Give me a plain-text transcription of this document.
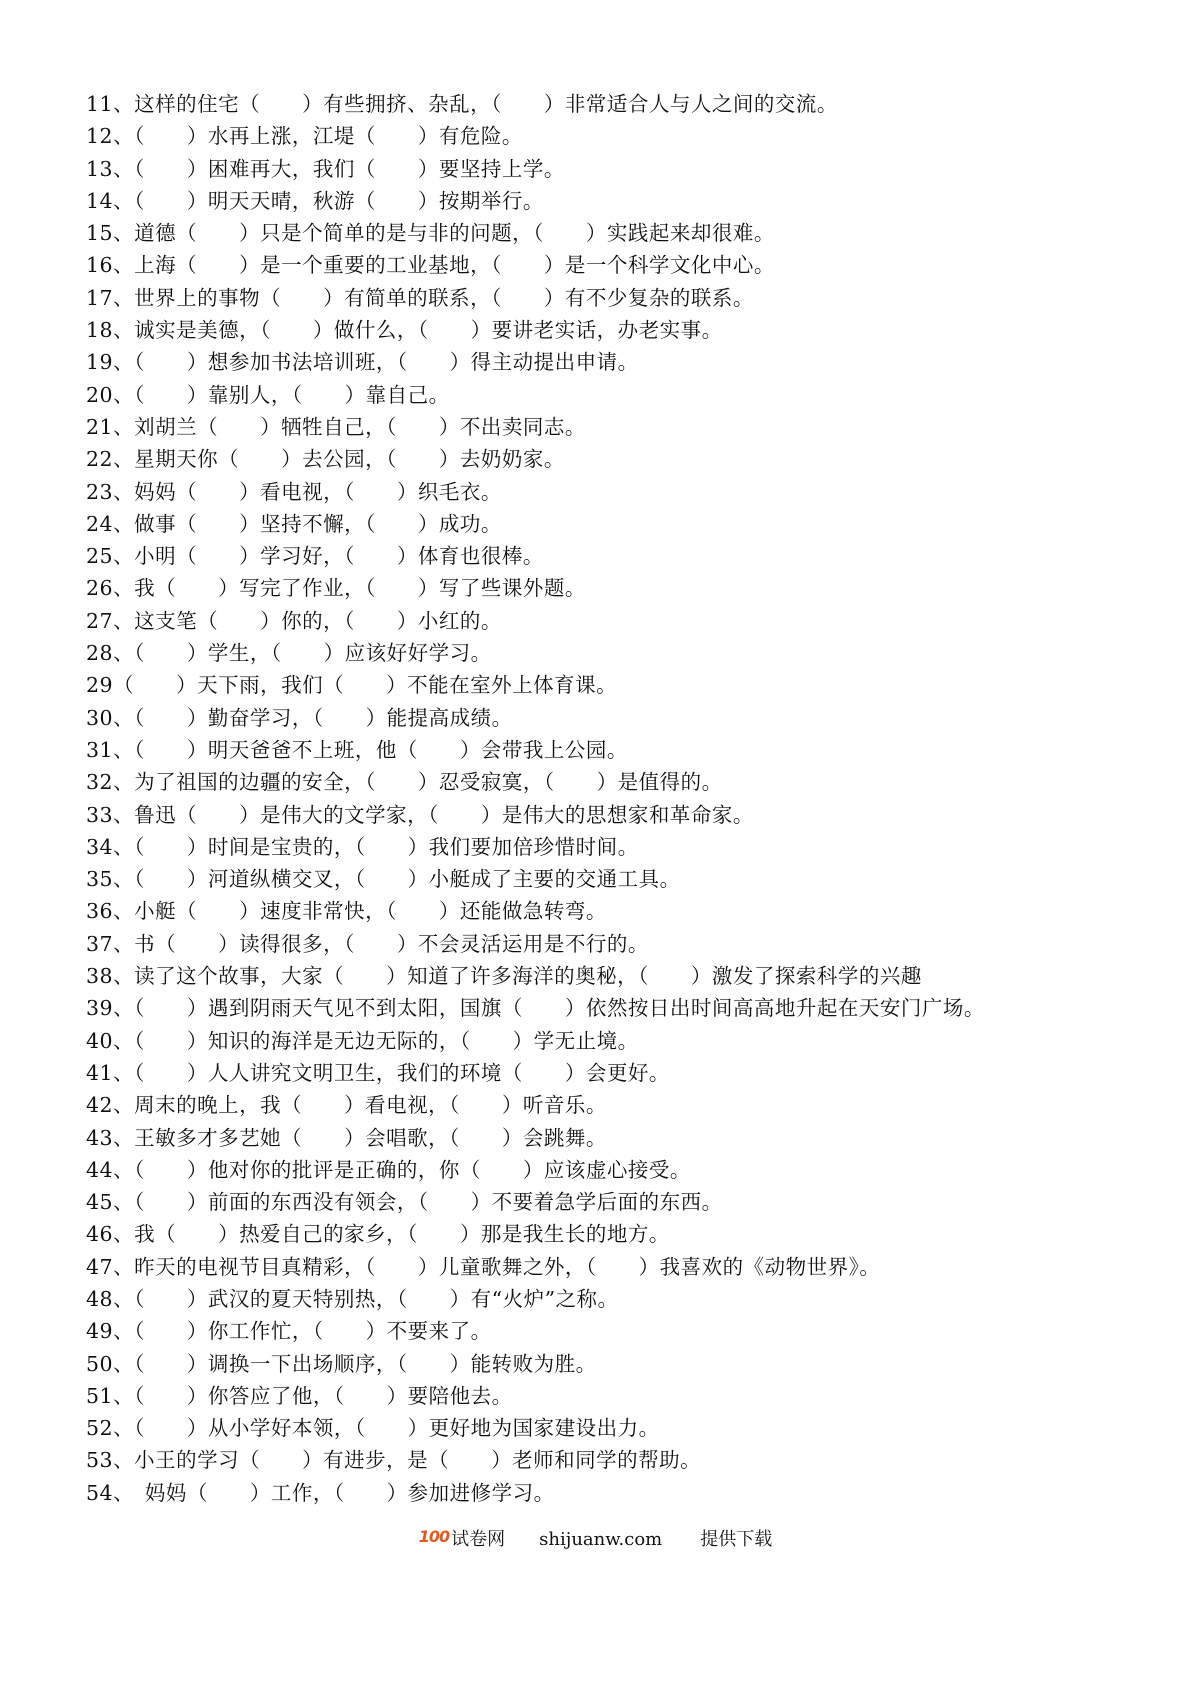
11、这样的住宅（　　）有些拥挤、杂乱，（　　）非常适合人与人之间的交流。
12、（　　）水再上涨，江堤（　　）有危险。
13、（　　）困难再大，我们（　　）要坚持上学。
14、（　　）明天天晴，秋游（　　）按期举行。
15、道德（　　）只是个简单的是与非的问题，（　　）实践起来却很难。
16、上海（　　）是一个重要的工业基地，（　　）是一个科学文化中心。
17、世界上的事物（　　）有简单的联系，（　　）有不少复杂的联系。
18、诚实是美德，（　　）做什么，（　　）要讲老实话，办老实事。
19、（　　）想参加书法培训班，（　　）得主动提出申请。
20、（　　）靠别人，（　　）靠自己。
21、刘胡兰（　　）牺牲自己，（　　）不出卖同志。
22、星期天你（　　）去公园，（　　）去奶奶家。
23、妈妈（　　）看电视，（　　）织毛衣。
24、做事（　　）坚持不懈，（　　）成功。
25、小明（　　）学习好，（　　）体育也很棒。
26、我（　　）写完了作业，（　　）写了些课外题。
27、这支笔（　　）你的，（　　）小红的。
28、（　　）学生，（　　）应该好好学习。
29（　　）天下雨，我们（　　）不能在室外上体育课。
30、（　　）勤奋学习，（　　）能提高成绩。
31、（　　）明天爸爸不上班，他（　　）会带我上公园。
32、为了祖国的边疆的安全，（　　）忍受寂寞，（　　）是值得的。
33、鲁迅（　　）是伟大的文学家，（　　）是伟大的思想家和革命家。
34、（　　）时间是宝贵的，（　　）我们要加倍珍惜时间。
35、（　　）河道纵横交叉，（　　）小艇成了主要的交通工具。
36、小艇（　　）速度非常快，（　　）还能做急转弯。
37、书（　　）读得很多，（　　）不会灵活运用是不行的。
38、读了这个故事，大家（　　）知道了许多海洋的奥秘，（　　）激发了探索科学的兴趣
39、（　　）遇到阴雨天气见不到太阳，国旗（　　）依然按日出时间高高地升起在天安门广场。
40、（　　）知识的海洋是无边无际的，（　　）学无止境。
41、（　　）人人讲究文明卫生，我们的环境（　　）会更好。
42、周末的晚上，我（　　）看电视，（　　）听音乐。
43、王敏多才多艺她（　　）会唱歌，（　　）会跳舞。
44、（　　）他对你的批评是正确的，你（　　）应该虚心接受。
45、（　　）前面的东西没有领会，（　　）不要着急学后面的东西。
46、我（　　）热爱自己的家乡，（　　）那是我生长的地方。
47、昨天的电视节目真精彩，（　　）儿童歌舞之外，（　　）我喜欢的《动物世界》。
48、（　　）武汉的夏天特别热，（　　）有“火炉”之称。
49、（　　）你工作忙，（　　）不要来了。
50、（　　）调换一下出场顺序，（　　）能转败为胜。
51、（　　）你答应了他，（　　）要陪他去。
52、（　　）从小学好本领，（　　）更好地为国家建设出力。
53、小王的学习（　　）有进步，是（　　）老师和同学的帮助。
54、　妈妈（　　）工作，（　　）参加进修学习。
100 试卷网 shijuanw.com 提供下载
